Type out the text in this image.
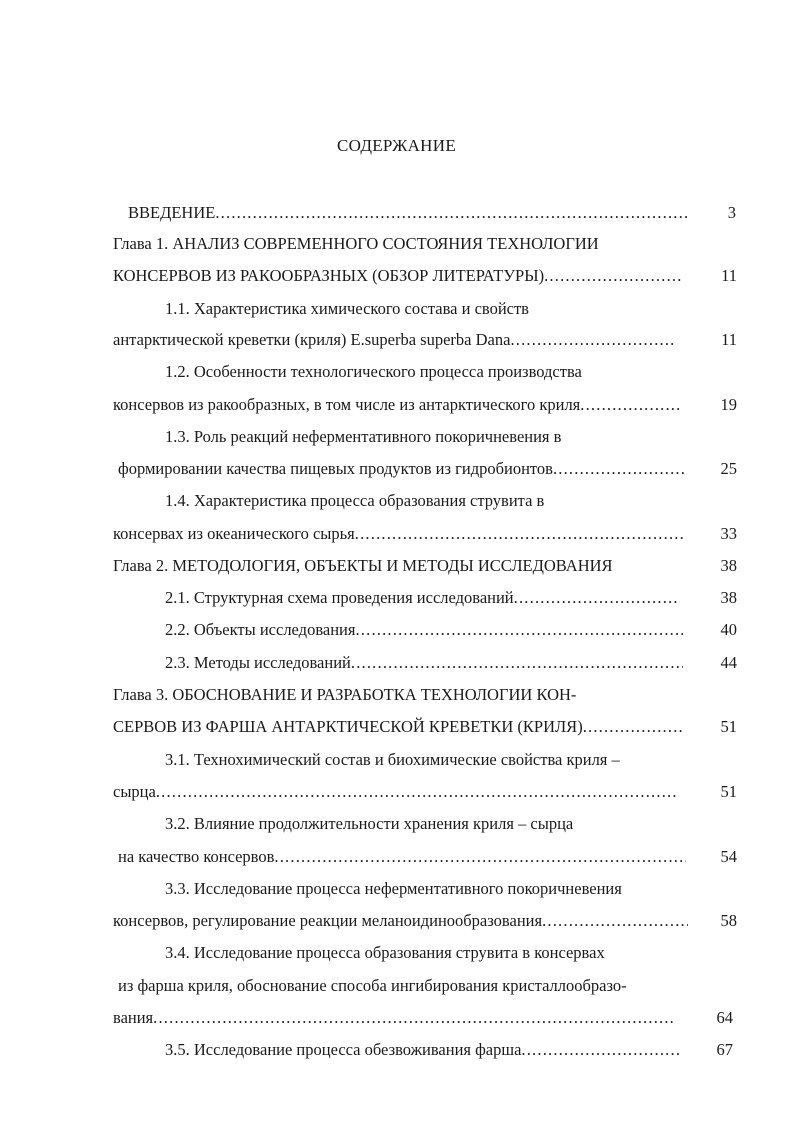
СОДЕРЖАНИЕ
ВВЕДЕНИЕ .....	3
Глава 1. АНАЛИЗ СОВРЕМЕННОГО СОСТОЯНИЯ ТЕХНОЛОГИИ
КОНСЕРВОВ ИЗ РАКООБРАЗНЫХ (ОБЗОР ЛИТЕРАТУРЫ) .....	11
1.1. Характеристика химического состава и свойств
антарктической креветки (криля) E.superba superba Dana .....	11
1.2. Особенности технологического процесса производства
консервов из ракообразных, в том числе из антарктического криля .....	19
1.3. Роль реакций неферментативного покоричневения в
формировании качества пищевых продуктов из гидробионтов .....	25
1.4. Характеристика процесса образования струвита в
консервах из океанического сырья .....	33
Глава 2. МЕТОДОЛОГИЯ, ОБЪЕКТЫ И МЕТОДЫ ИССЛЕДОВАНИЯ	38
2.1. Структурная схема проведения исследований .....	38
2.2. Объекты исследования .....	40
2.3. Методы исследований .....	44
Глава 3. ОБОСНОВАНИЕ И РАЗРАБОТКА ТЕХНОЛОГИИ КОН-
СЕРВОВ ИЗ ФАРША АНТАРКТИЧЕСКОЙ КРЕВЕТКИ (КРИЛЯ) .....	51
3.1. Технохимический состав и биохимические свойства криля –
сырца .....	51
3.2. Влияние продолжительности хранения криля – сырца
на качество консервов .....	54
3.3. Исследование процесса неферментативного покоричневения
консервов, регулирование реакции меланоидинообразования .....	58
3.4. Исследование процесса образования струвита в консервах
из фарша криля, обоснование способа ингибирования кристаллообразо-
вания .....	64
3.5. Исследование процесса обезвоживания фарша .....	67
